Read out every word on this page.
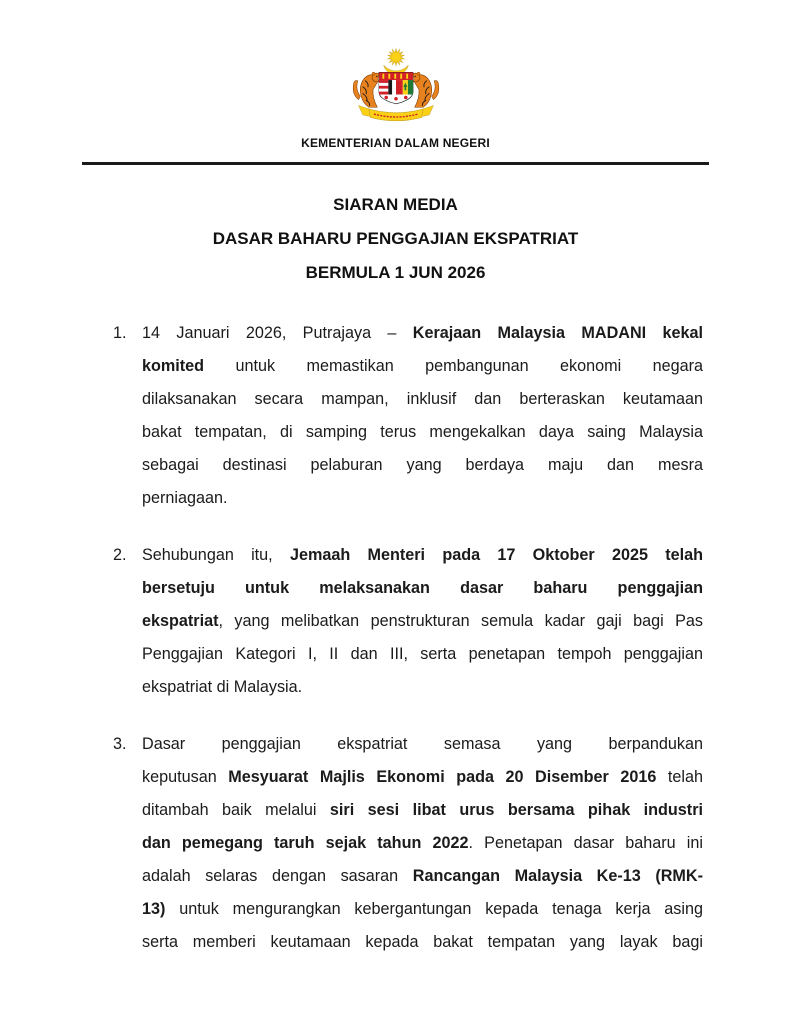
KEMENTERIAN DALAM NEGERI
SIARAN MEDIA
DASAR BAHARU PENGGAJIAN EKSPATRIAT
BERMULA 1 JUN 2026
1. 14 Januari 2026, Putrajaya – Kerajaan Malaysia MADANI kekal
komited untuk memastikan pembangunan ekonomi negara
dilaksanakan secara mampan, inklusif dan berteraskan keutamaan
bakat tempatan, di samping terus mengekalkan daya saing Malaysia
sebagai destinasi pelaburan yang berdaya maju dan mesra
perniagaan.
2. Sehubungan itu, Jemaah Menteri pada 17 Oktober 2025 telah
bersetuju untuk melaksanakan dasar baharu penggajian
ekspatriat, yang melibatkan penstrukturan semula kadar gaji bagi Pas
Penggajian Kategori I, II dan III, serta penetapan tempoh penggajian
ekspatriat di Malaysia.
3. Dasar penggajian ekspatriat semasa yang berpandukan
keputusan Mesyuarat Majlis Ekonomi pada 20 Disember 2016 telah
ditambah baik melalui siri sesi libat urus bersama pihak industri
dan pemegang taruh sejak tahun 2022. Penetapan dasar baharu ini
adalah selaras dengan sasaran Rancangan Malaysia Ke-13 (RMK-
13) untuk mengurangkan kebergantungan kepada tenaga kerja asing
serta memberi keutamaan kepada bakat tempatan yang layak bagi
